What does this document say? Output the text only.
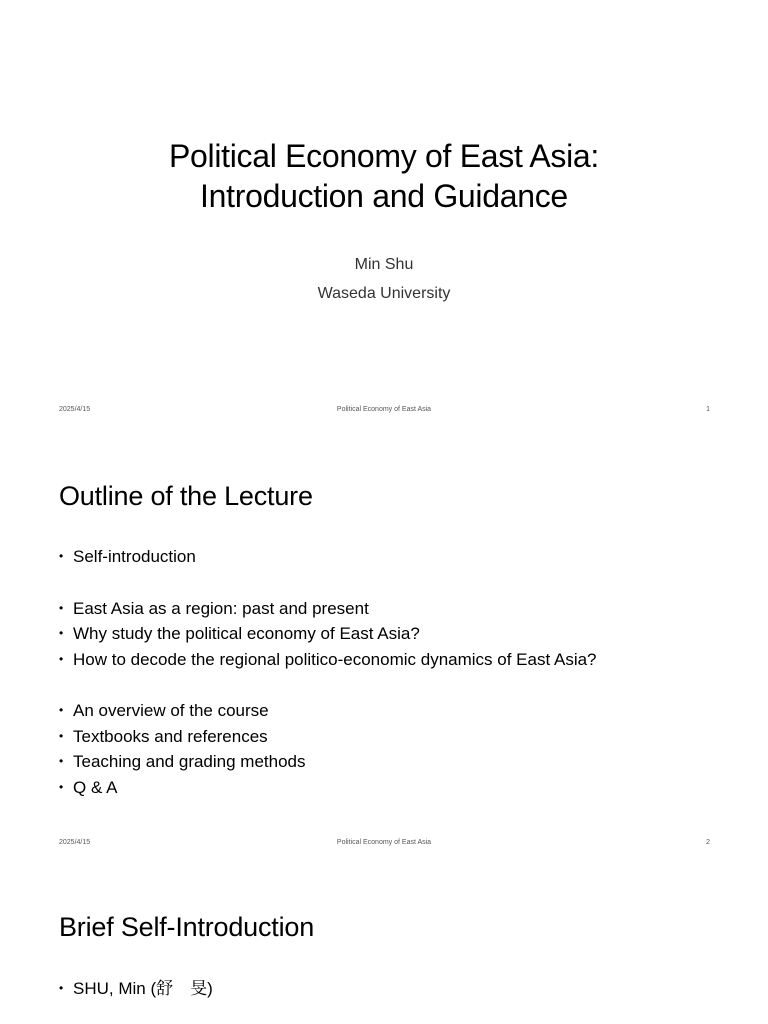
Political Economy of East Asia:
Introduction and Guidance
Min Shu
Waseda University
2025/4/15	Political Economy of East Asia	1
Outline of the Lecture
• Self-introduction
• East Asia as a region: past and present
• Why study the political economy of East Asia?
• How to decode the regional politico-economic dynamics of East Asia?
• An overview of the course
• Textbooks and references
• Teaching and grading methods
• Q & A
2025/4/15	Political Economy of East Asia	2
Brief Self-Introduction
• SHU, Min (舒　旻)
